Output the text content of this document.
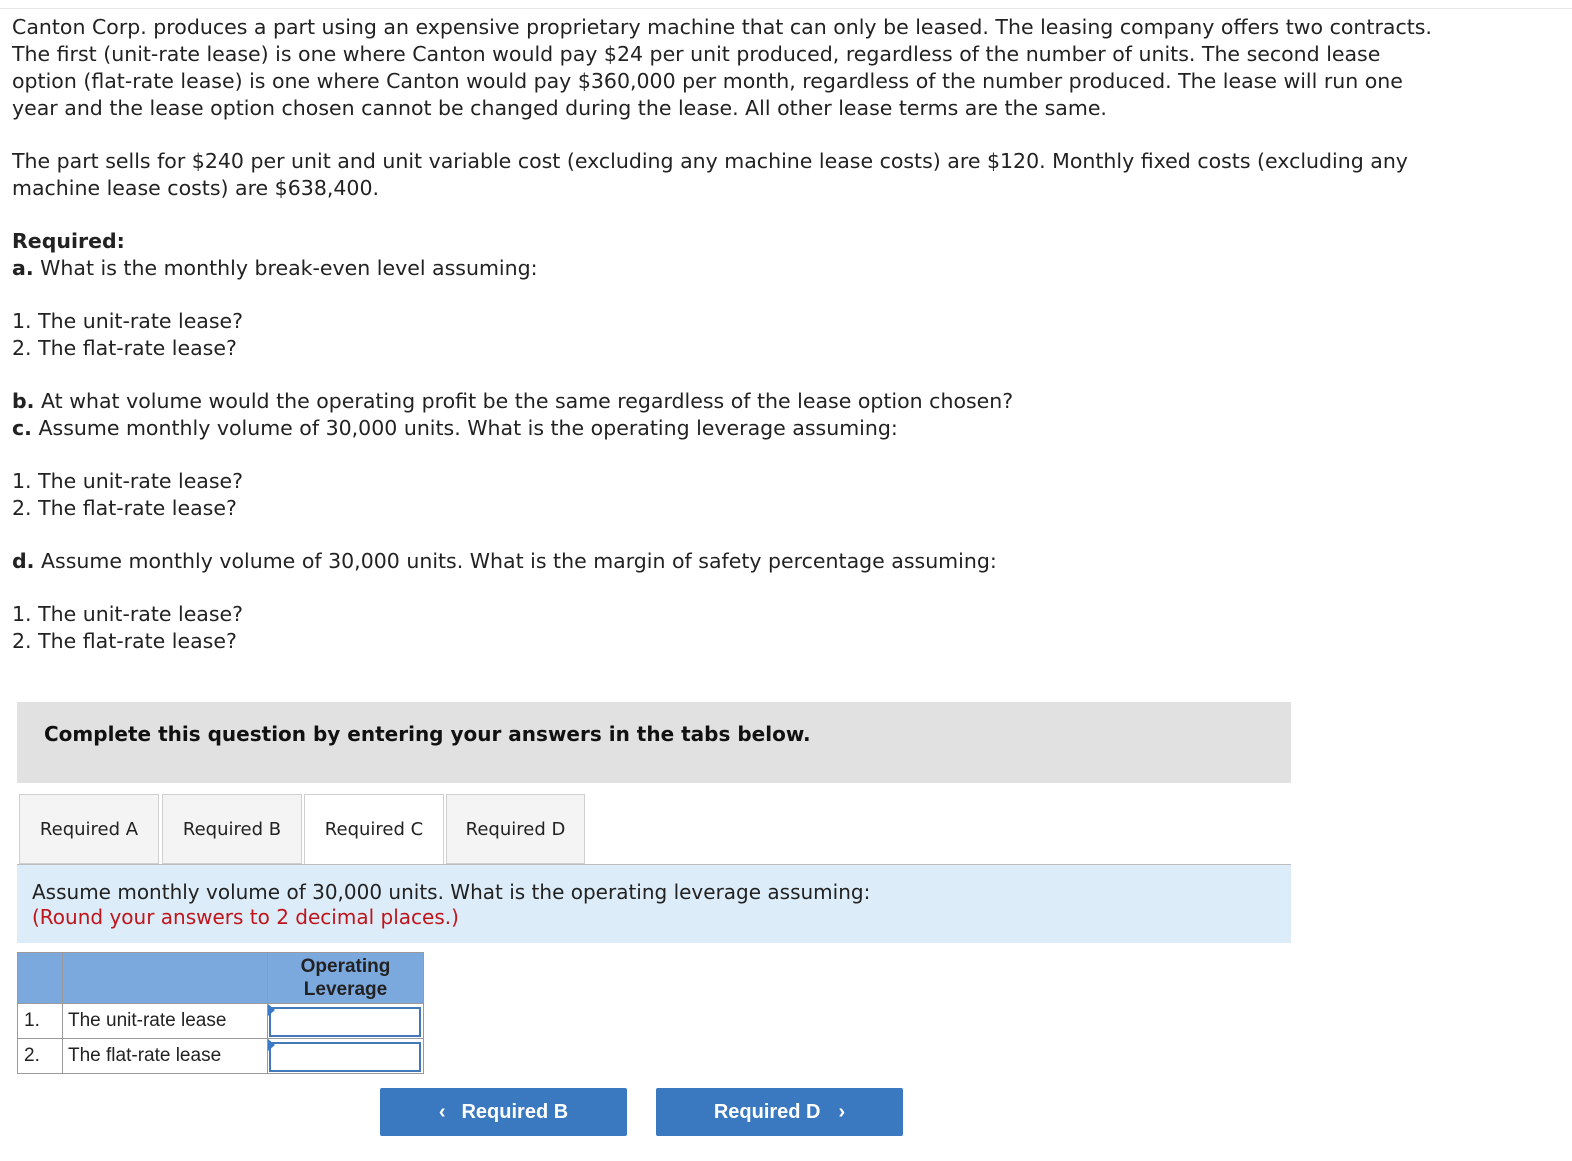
Canton Corp. produces a part using an expensive proprietary machine that can only be leased. The leasing company offers two contracts. The first (unit-rate lease) is one where Canton would pay $24 per unit produced, regardless of the number of units. The second lease option (flat-rate lease) is one where Canton would pay $360,000 per month, regardless of the number produced. The lease will run one year and the lease option chosen cannot be changed during the lease. All other lease terms are the same.

The part sells for $240 per unit and unit variable cost (excluding any machine lease costs) are $120. Monthly fixed costs (excluding any machine lease costs) are $638,400.

Required:

a. What is the monthly break-even level assuming:

1. The unit-rate lease?

2. The flat-rate lease?

b. At what volume would the operating profit be the same regardless of the lease option chosen?

c. Assume monthly volume of 30,000 units. What is the operating leverage assuming:

1. The unit-rate lease?

2. The flat-rate lease?

d. Assume monthly volume of 30,000 units. What is the margin of safety percentage assuming:

1. The unit-rate lease?

2. The flat-rate lease?

Complete this question by entering your answers in the tabs below.
Required A	Required B	Required C	Required D
Assume monthly volume of 30,000 units. What is the operating leverage assuming:
(Round your answers to 2 decimal places.)
		Operating Leverage
1.	The unit-rate lease	

2.	The flat-rate lease	
‹ Required B	Required D ›
